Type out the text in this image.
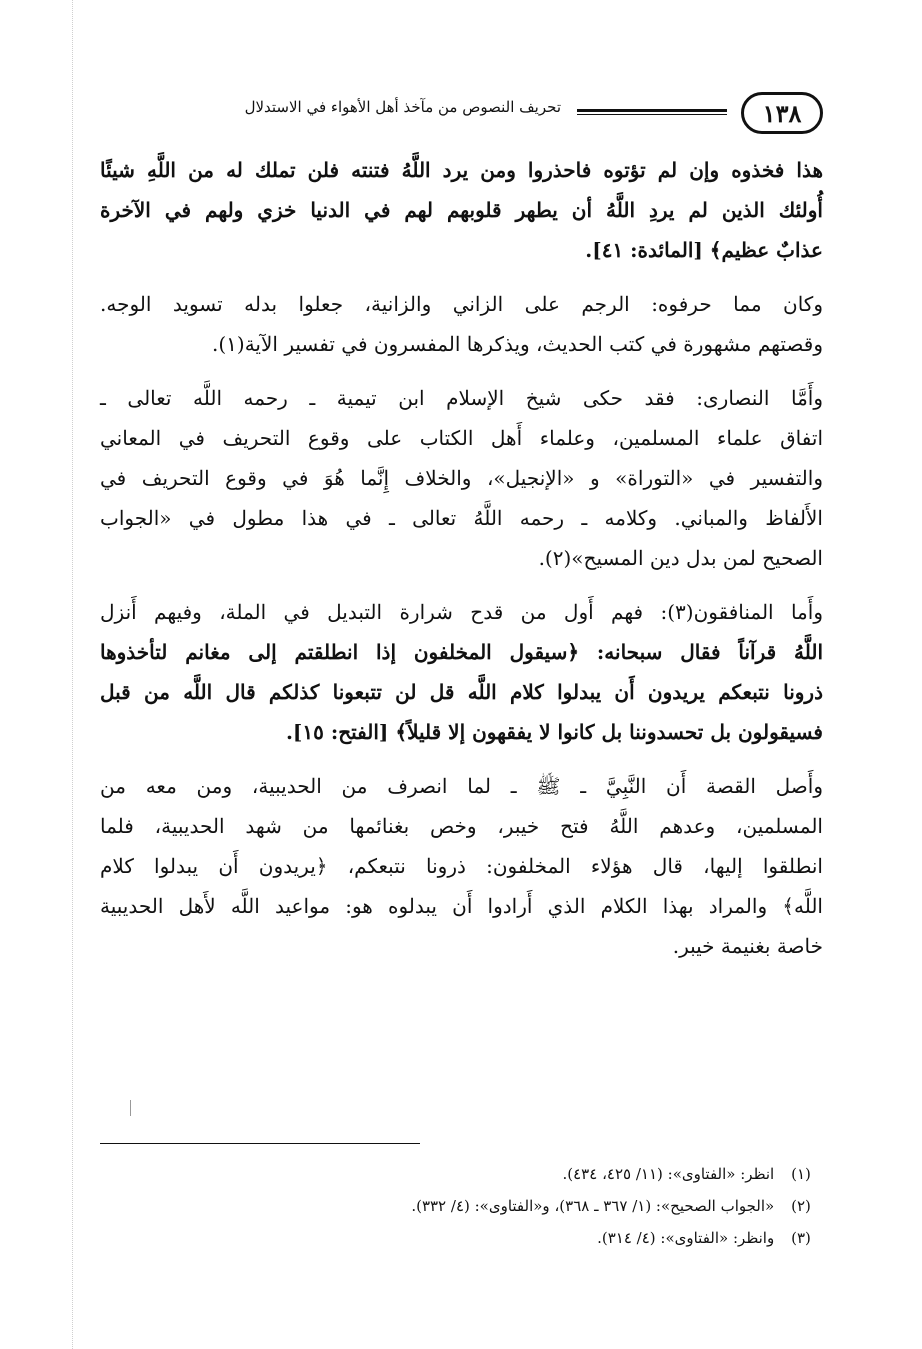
١٣٨
تحريف النصوص من مآخذ أهل الأهواء في الاستدلال
هذا فخذوه وإن لم تؤتوه فاحذروا ومن يرد اللَّهُ فتنته فلن تملك له من اللَّهِ شيئًا
أُولئك الذين لم يردِ اللَّهُ أن يطهر قلوبهم لهم في الدنيا خزي ولهم في الآخرة
عذابٌ عظيم﴾ [المائدة: ٤١].
وكان مما حرفوه: الرجم على الزاني والزانية، جعلوا بدله تسويد الوجه.
وقصتهم مشهورة في كتب الحديث، ويذكرها المفسرون في تفسير الآية(١).
وأَمَّا النصارى: فقد حكى شيخ الإسلام ابن تيمية ـ رحمه اللَّه تعالى ـ
اتفاق علماء المسلمين، وعلماء أَهل الكتاب على وقوع التحريف في المعاني
والتفسير في «التوراة» و «الإنجيل»، والخلاف إِنَّما هُوَ في وقوع التحريف في
الأَلفاظ والمباني. وكلامه ـ رحمه اللَّهُ تعالى ـ في هذا مطول في «الجواب
الصحيح لمن بدل دين المسيح»(٢).
وأَما المنافقون(٣): فهم أَول من قدح شرارة التبديل في الملة، وفيهم أَنزل
اللَّهُ قرآناً فقال سبحانه: ﴿سيقول المخلفون إذا انطلقتم إلى مغانم لتأخذوها
ذرونا نتبعكم يريدون أَن يبدلوا كلام اللَّه قل لن تتبعونا كذلكم قال اللَّه من قبل
فسيقولون بل تحسدوننا بل كانوا لا يفقهون إلا قليلاً﴾ [الفتح: ١٥].
وأَصل القصة أَن النَّبِيَّ ـ ﷺ ـ لما انصرف من الحديبية، ومن معه من
المسلمين، وعدهم اللَّهُ فتح خيبر، وخص بغنائمها من شهد الحديبية، فلما
انطلقوا إليها، قال هؤلاء المخلفون: ذرونا نتبعكم، ﴿يريدون أَن يبدلوا كلام
اللَّه﴾ والمراد بهذا الكلام الذي أَرادوا أَن يبدلوه هو: مواعيد اللَّه لأَهل الحديبية
خاصة بغنيمة خيبر.
(١) انظر: «الفتاوى»: (١١/ ٤٢٥، ٤٣٤).
(٢) «الجواب الصحيح»: (١/ ٣٦٧ ـ ٣٦٨)، و«الفتاوى»: (٤/ ٣٣٢).
(٣) وانظر: «الفتاوى»: (٤/ ٣١٤).
